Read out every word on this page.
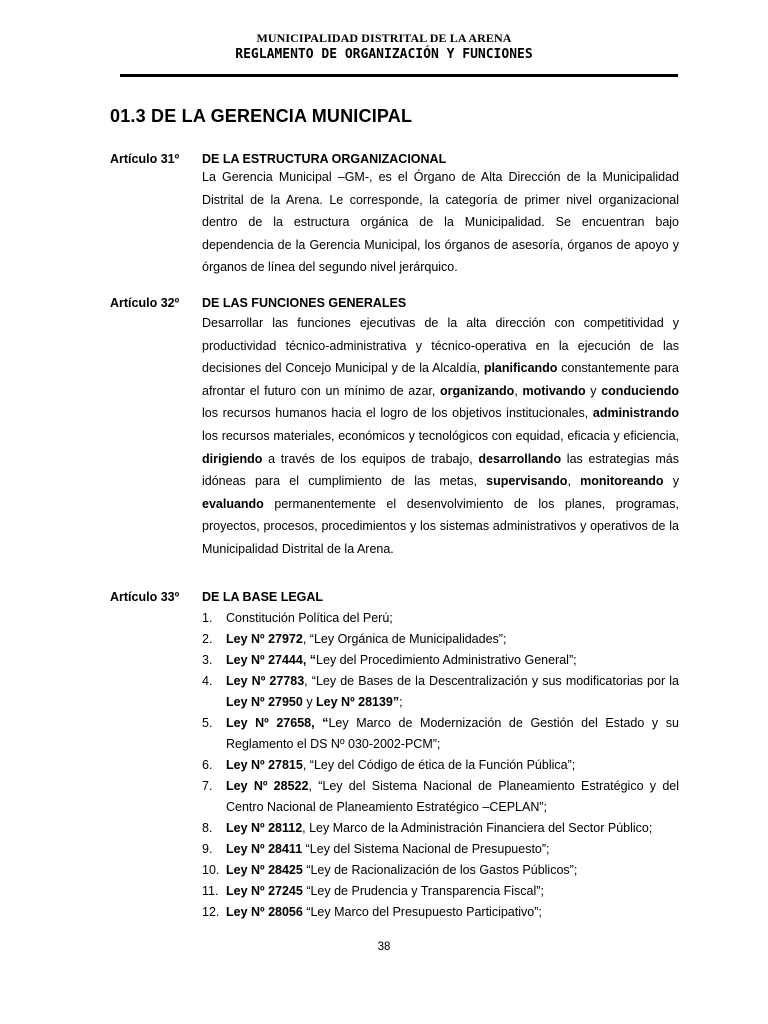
MUNICIPALIDAD DISTRITAL DE LA ARENA
REGLAMENTO DE ORGANIZACIÓN Y FUNCIONES
01.3 DE LA GERENCIA MUNICIPAL
Artículo 31º DE LA ESTRUCTURA ORGANIZACIONAL

La Gerencia Municipal –GM-, es el Órgano de Alta Dirección de la Municipalidad Distrital de la Arena. Le corresponde, la categoría de primer nivel organizacional dentro de la estructura orgánica de la Municipalidad. Se encuentran bajo dependencia de la Gerencia Municipal, los órganos de asesoría, órganos de apoyo y órganos de línea del segundo nivel jerárquico.

Artículo 32º DE LAS FUNCIONES GENERALES

Desarrollar las funciones ejecutivas de la alta dirección con competitividad y productividad técnico-administrativa y técnico-operativa en la ejecución de las decisiones del Concejo Municipal y de la Alcaldía, planificando constantemente para afrontar el futuro con un mínimo de azar, organizando, motivando y conduciendo los recursos humanos hacia el logro de los objetivos institucionales, administrando los recursos materiales, económicos y tecnológicos con equidad, eficacia y eficiencia, dirigiendo a través de los equipos de trabajo, desarrollando las estrategias más idóneas para el cumplimiento de las metas, supervisando, monitoreando y evaluando permanentemente el desenvolvimiento de los planes, programas, proyectos, procesos, procedimientos y los sistemas administrativos y operativos de la Municipalidad Distrital de la Arena.

Artículo 33º DE LA BASE LEGAL
1. Constitución Política del Perú;
2. Ley Nº 27972, “Ley Orgánica de Municipalidades”;
3. Ley Nº 27444, “Ley del Procedimiento Administrativo General”;
4. Ley Nº 27783, “Ley de Bases de la Descentralización y sus modificatorias por la Ley Nº 27950 y Ley Nº 28139”;
5. Ley Nº 27658, “Ley Marco de Modernización de Gestión del Estado y su Reglamento el DS Nº 030-2002-PCM”;
6. Ley Nº 27815, “Ley del Código de ética de la Función Pública”;
7. Ley Nº 28522, “Ley del Sistema Nacional de Planeamiento Estratégico y del Centro Nacional de Planeamiento Estratégico –CEPLAN”;
8. Ley Nº 28112, Ley Marco de la Administración Financiera del Sector Público;
9. Ley Nº 28411 “Ley del Sistema Nacional de Presupuesto”;
10. Ley Nº 28425 “Ley de Racionalización de los Gastos Públicos”;
11. Ley Nº 27245 “Ley de Prudencia y Transparencia Fiscal”;
12. Ley Nº 28056 “Ley Marco del Presupuesto Participativo”;
38
